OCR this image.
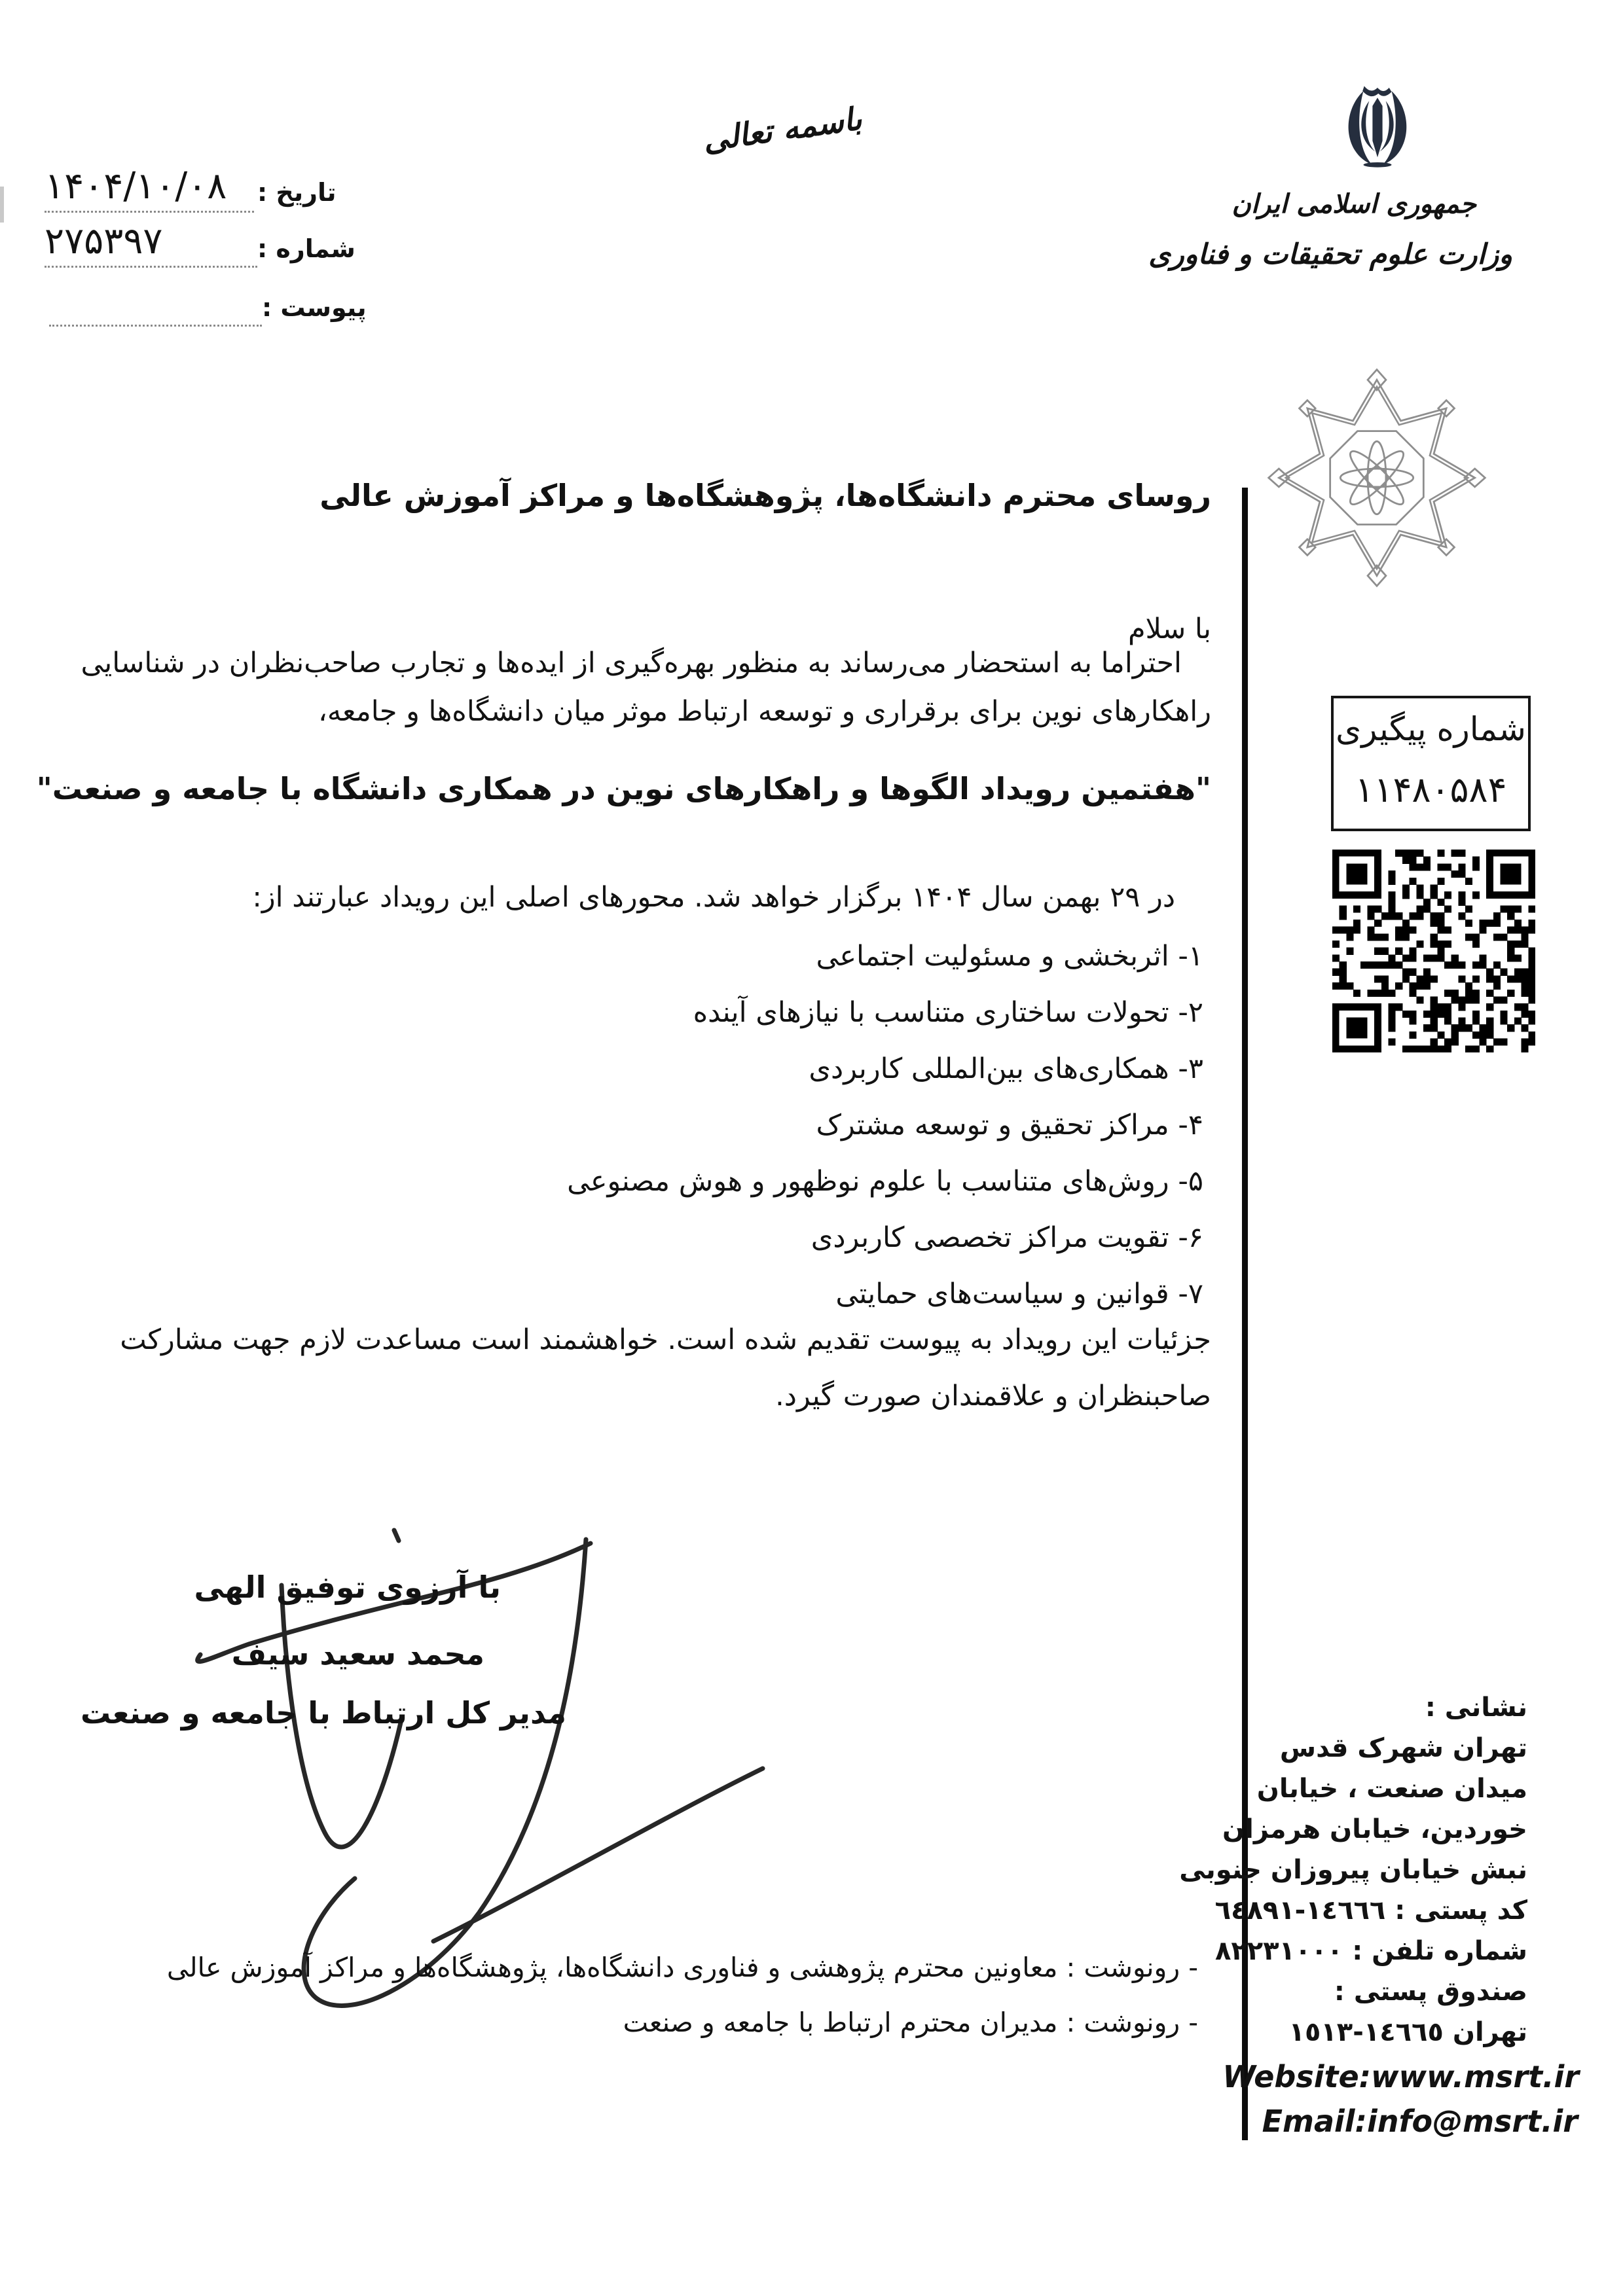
تاریخ :
۱۴۰۴/۱۰/۰۸
شماره :
۲۷۵۳۹۷
پیوست :
باسمه تعالی
جمهوری اسلامی ایران
وزارت علوم تحقیقات و فناوری
شماره پیگیری
۱۱۴۸۰۵۸۴
روسای محترم دانشگاه‌ها، پژوهشگاه‌ها و مراکز آموزش عالی
با سلام
احتراما به استحضار می‌رساند به منظور بهره‌گیری از ایده‌ها و تجارب صاحب‌نظران در شناسایی
راهکارهای نوین برای برقراری و توسعه ارتباط موثر میان دانشگاه‌ها و جامعه،
"هفتمین رویداد الگوها و راهکارهای نوین در همکاری دانشگاه با جامعه و صنعت"
در ۲۹ بهمن سال ۱۴۰۴ برگزار خواهد شد. محورهای اصلی این رویداد عبارتند از:
۱- اثربخشی و مسئولیت اجتماعی
۲- تحولات ساختاری متناسب با نیازهای آینده
۳- همکاری‌های بین‌المللی کاربردی
۴- مراکز تحقیق و توسعه مشترک
۵- روش‌های متناسب با علوم نوظهور و هوش مصنوعی
۶- تقویت مراکز تخصصی کاربردی
۷- قوانین و سیاست‌های حمایتی
جزئیات این رویداد به پیوست تقدیم شده است. خواهشمند است مساعدت لازم جهت مشارکت
صاحبنظران و علاقمندان صورت گیرد.
با آرزوی توفیق الهی
محمد سعید سیف
مدیر کل ارتباط با جامعه و صنعت	نشانی :
تهران شهرک قدس
میدان صنعت ، خیابان
خوردین، خیابان هرمزان
نبش خیابان پیروزان جنوبی
کد پستی : ١٤٦٦٦-٦٤٨٩١
شماره تلفن : ٨٢٢٣١٠٠٠
صندوق پستی :
تهران ١٤٦٦٥-١٥١٣
Website:www.msrt.ir
Email:info@msrt.ir
- رونوشت : معاونین محترم پژوهشی و فناوری دانشگاه‌ها، پژوهشگاه‌ها و مراکز آموزش عالی
- رونوشت : مدیران محترم ارتباط با جامعه و صنعت
